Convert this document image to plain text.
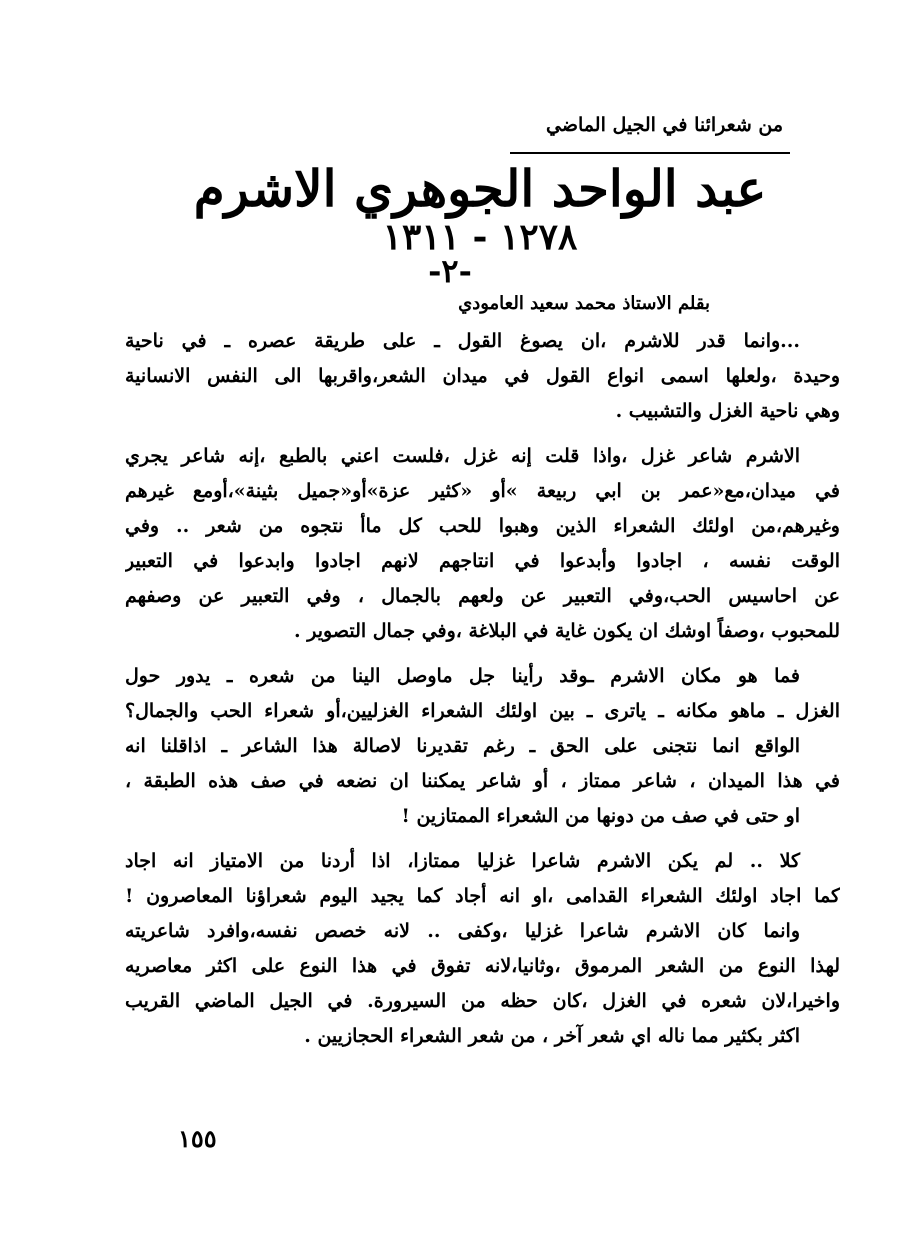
من شعرائنا في الجيل الماضي
عبد الواحد الجوهري الاشرم
١٢٧٨ - ١٣١١
-٢-
بقلم الاستاذ محمد سعيد العامودي
...وانما قدر للاشرم ،ان يصوغ القول ـ على طريقة عصره ـ في ناحية
وحيدة ،ولعلها اسمى انواع القول في ميدان الشعر،واقربها الى النفس الانسانية
وهي ناحية الغزل والتشبيب .
الاشرم شاعر غزل ،واذا قلت إنه غزل ،فلست اعني بالطبع ،إنه شاعر يجري
في ميدان،مع«عمر بن ابي ربيعة »أو «كثير عزة»أو«جميل بثينة»،أومع غيرهم
وغيرهم،من اولئك الشعراء الذين وهبوا للحب كل ماأ نتجوه من شعر .. وفي
الوقت نفسه ، اجادوا وأبدعوا في انتاجهم لانهم اجادوا وابدعوا في التعبير
عن احاسيس الحب،وفي التعبير عن ولعهم بالجمال ، وفي التعبير عن وصفهم
للمحبوب ،وصفاً اوشك ان يكون غاية في البلاغة ،وفي جمال التصوير .
فما هو مكان الاشرم ـوقد رأينا جل ماوصل الينا من شعره ـ يدور حول
الغزل ـ ماهو مكانه ـ ياترى ـ بين اولئك الشعراء الغزليين،أو شعراء الحب والجمال؟
الواقع انما نتجنى على الحق ـ رغم تقديرنا لاصالة هذا الشاعر ـ اذاقلنا انه
في هذا الميدان ، شاعر ممتاز ، أو شاعر يمكننا ان نضعه في صف هذه الطبقة ،
او حتى في صف من دونها من الشعراء الممتازين !
كلا .. لم يكن الاشرم شاعرا غزليا ممتازا، اذا أردنا من الامتياز انه اجاد
كما اجاد اولئك الشعراء القدامى ،او انه أجاد كما يجيد اليوم شعراؤنا المعاصرون !
وانما كان الاشرم شاعرا غزليا ،وكفى .. لانه خصص نفسه،وافرد شاعريته
لهذا النوع من الشعر المرموق ،وثانيا،لانه تفوق في هذا النوع على اكثر معاصريه
واخيرا،لان شعره في الغزل ،كان حظه من السيرورة. في الجيل الماضي القريب
اكثر بكثير مما ناله اي شعر آخر ، من شعر الشعراء الحجازيين .
١٥٥
